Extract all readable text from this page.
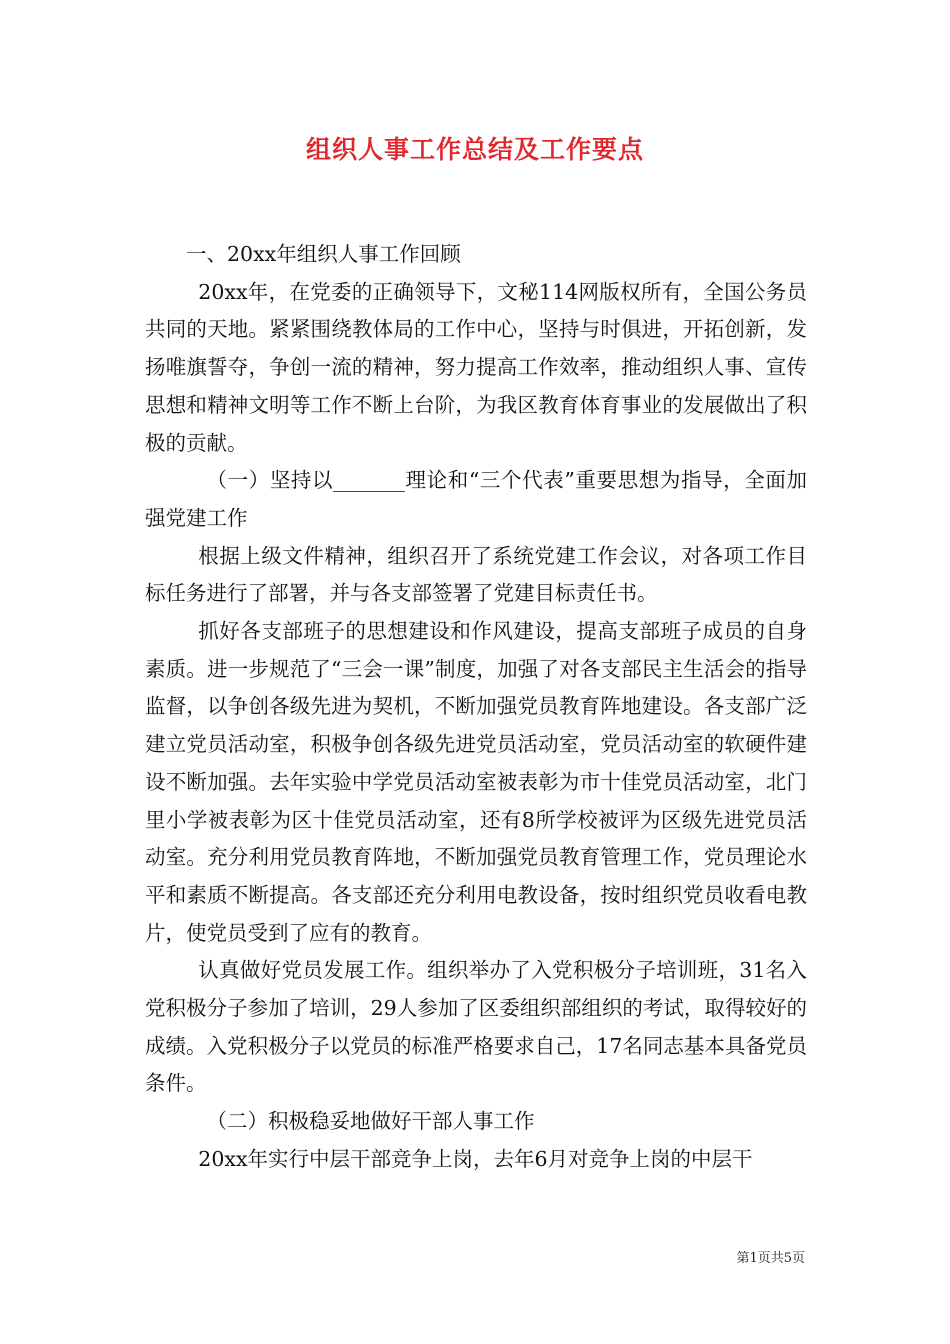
组织人事工作总结及工作要点

一、20xx年组织人事工作回顾

20xx年，在党委的正确领导下，文秘114网版权所有，全国公务员共同的天地。紧紧围绕教体局的工作中心，坚持与时俱进，开拓创新，发扬唯旗誓夺，争创一流的精神，努力提高工作效率，推动组织人事、宣传思想和精神文明等工作不断上台阶，为我区教育体育事业的发展做出了积极的贡献。

（一）坚持以_______理论和“三个代表”重要思想为指导，全面加强党建工作

根据上级文件精神，组织召开了系统党建工作会议，对各项工作目标任务进行了部署，并与各支部签署了党建目标责任书。

抓好各支部班子的思想建设和作风建设，提高支部班子成员的自身素质。进一步规范了“三会一课”制度，加强了对各支部民主生活会的指导监督，以争创各级先进为契机，不断加强党员教育阵地建设。各支部广泛建立党员活动室，积极争创各级先进党员活动室，党员活动室的软硬件建设不断加强。去年实验中学党员活动室被表彰为市十佳党员活动室，北门里小学被表彰为区十佳党员活动室，还有8所学校被评为区级先进党员活动室。充分利用党员教育阵地，不断加强党员教育管理工作，党员理论水平和素质不断提高。各支部还充分利用电教设备，按时组织党员收看电教片，使党员受到了应有的教育。

认真做好党员发展工作。组织举办了入党积极分子培训班，31名入党积极分子参加了培训，29人参加了区委组织部组织的考试，取得较好的成绩。入党积极分子以党员的标准严格要求自己，17名同志基本具备党员条件。

（二）积极稳妥地做好干部人事工作

20xx年实行中层干部竞争上岗，去年6月对竞争上岗的中层干

第1页共5页
